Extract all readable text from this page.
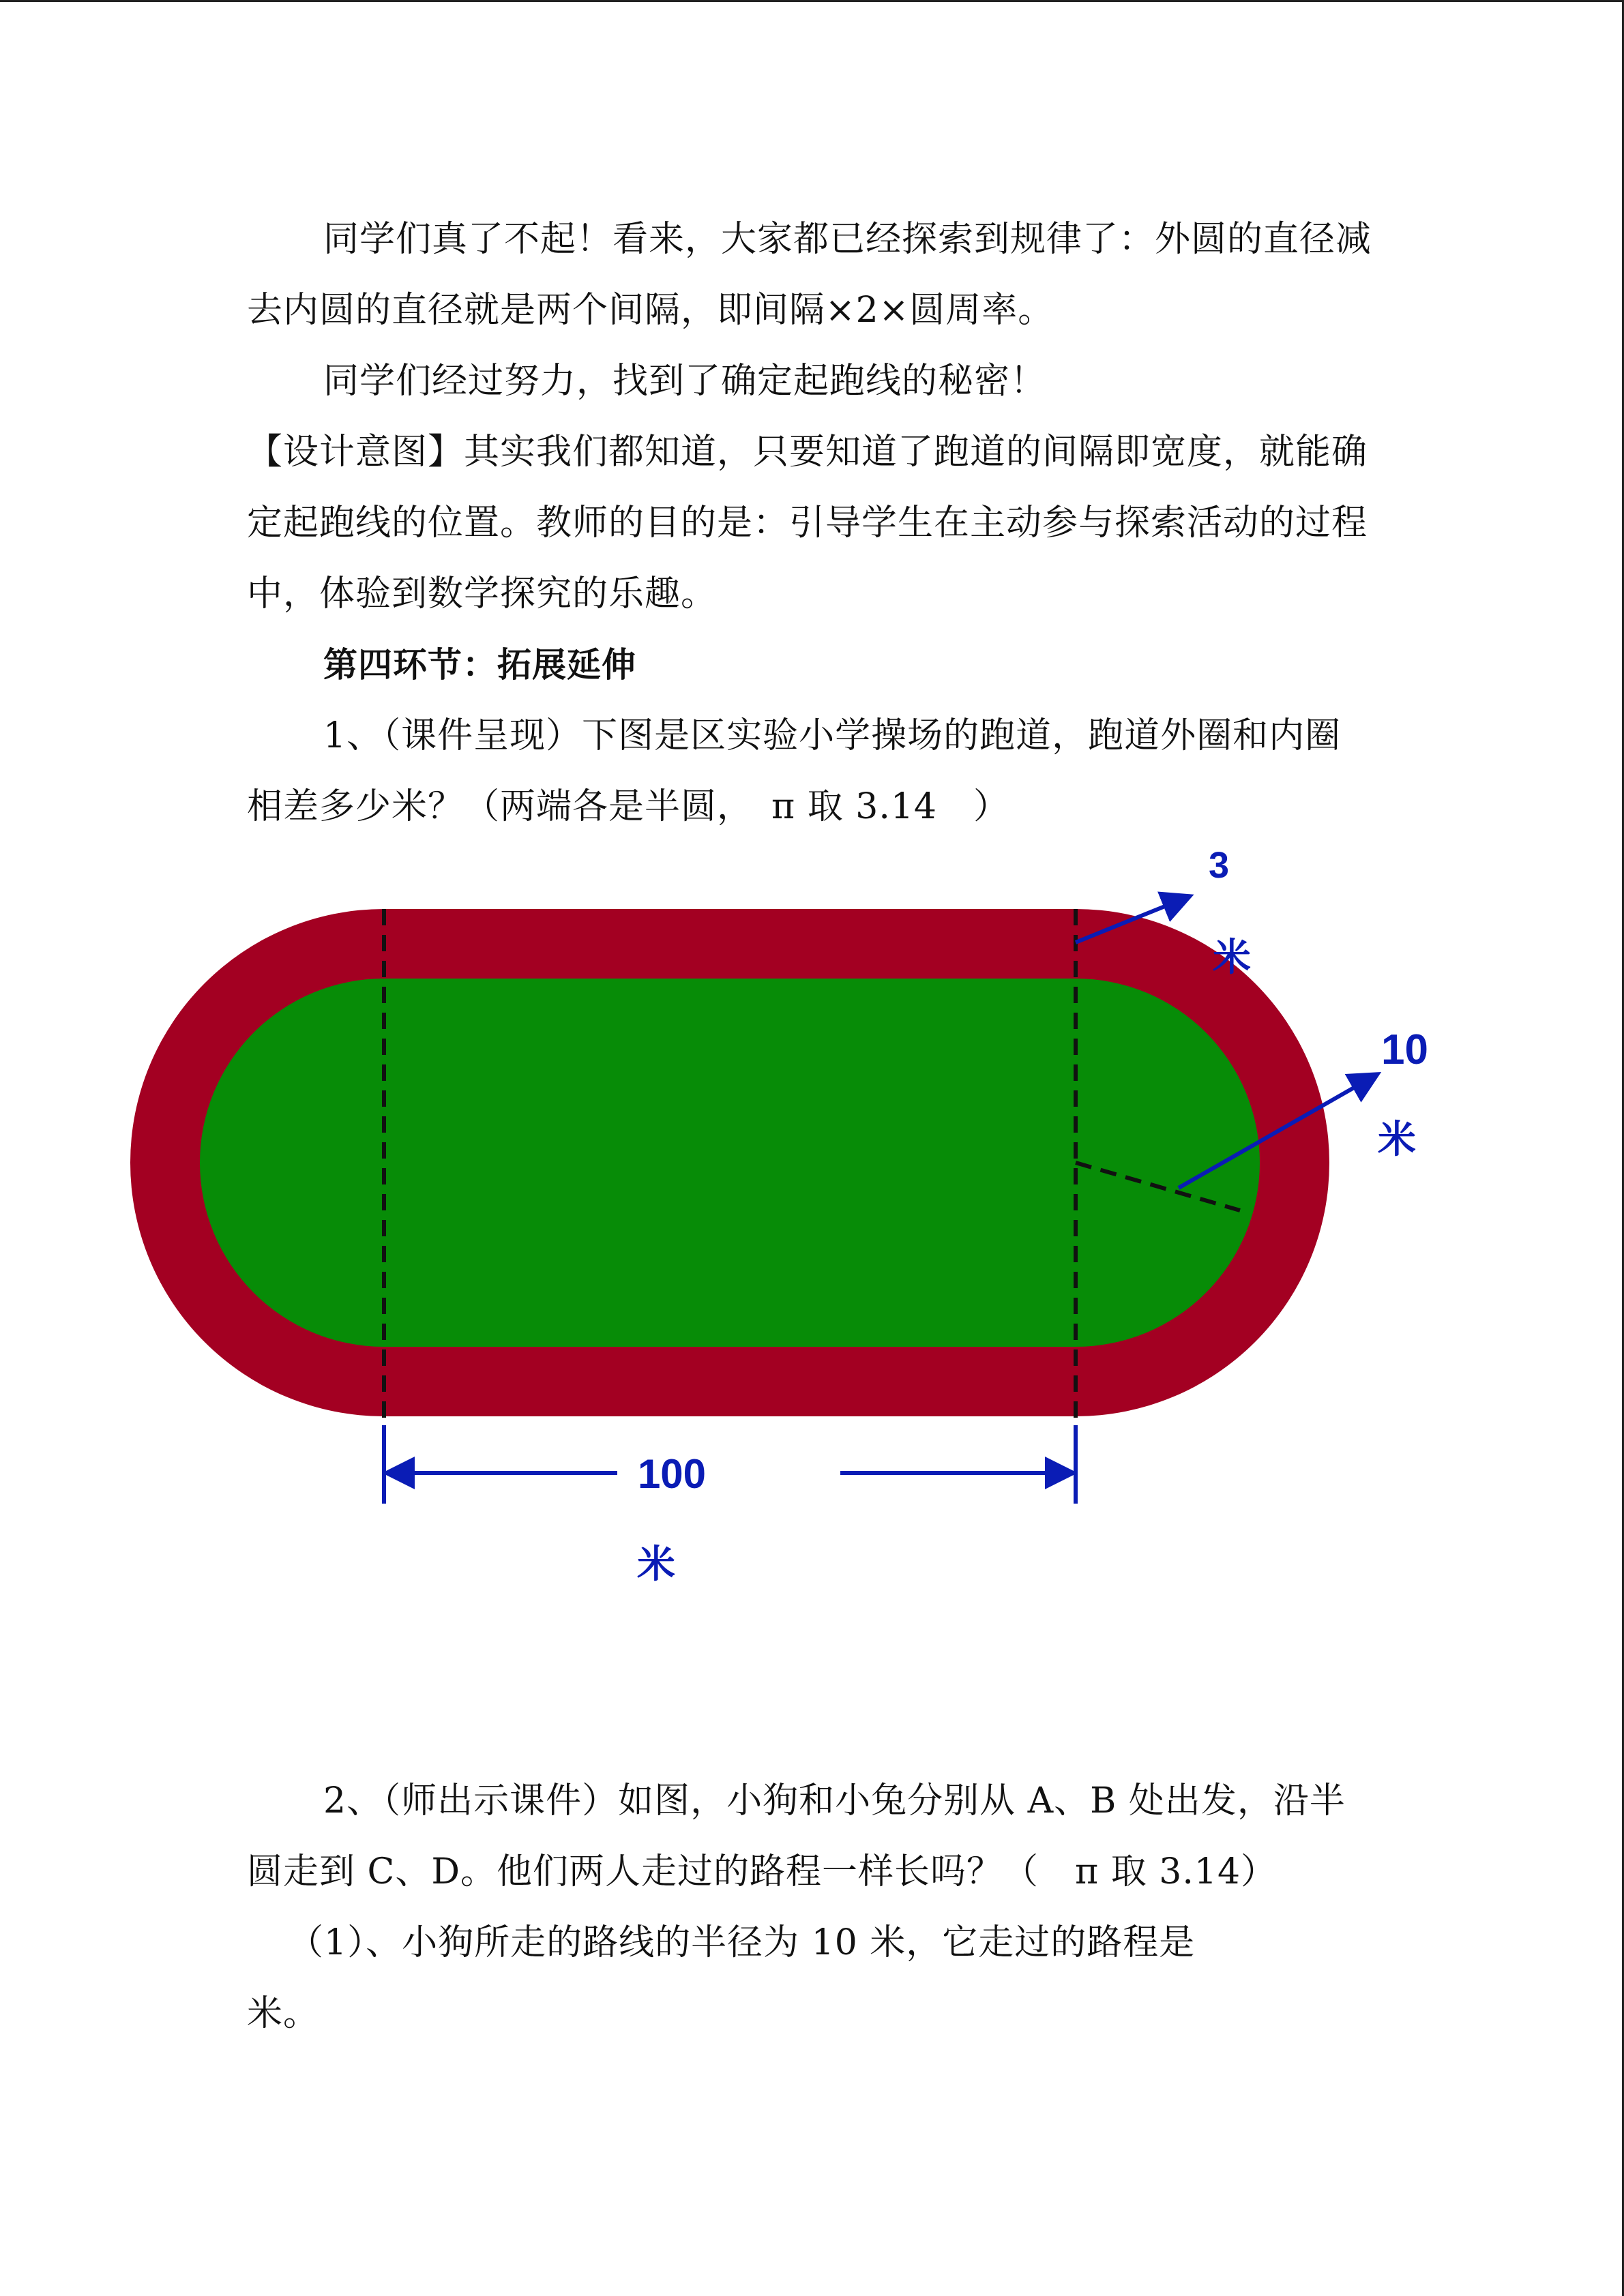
同学们真了不起！看来，大家都已经探索到规律了：外圆的直径减去内圆的直径就是两个间隔，即间隔×2×圆周率。

同学们经过努力，找到了确定起跑线的秘密！

【设计意图】其实我们都知道，只要知道了跑道的间隔即宽度，就能确定起跑线的位置。教师的目的是：引导学生在主动参与探索活动的过程中，体验到数学探究的乐趣。

第四环节：拓展延伸

1、（课件呈现）下图是区实验小学操场的跑道，跑道外圈和内圈相差多少米？（两端各是半圆，　π 取 3.14　）

3
米
10
米
100
米

2、（师出示课件）如图，小狗和小兔分别从 A、B 处出发，沿半圆走到 C、D。他们两人走过的路程一样长吗？（　π 取 3.14）

（1）、小狗所走的路线的半径为 10 米，它走过的路程是　　　　　　　　　　米。
